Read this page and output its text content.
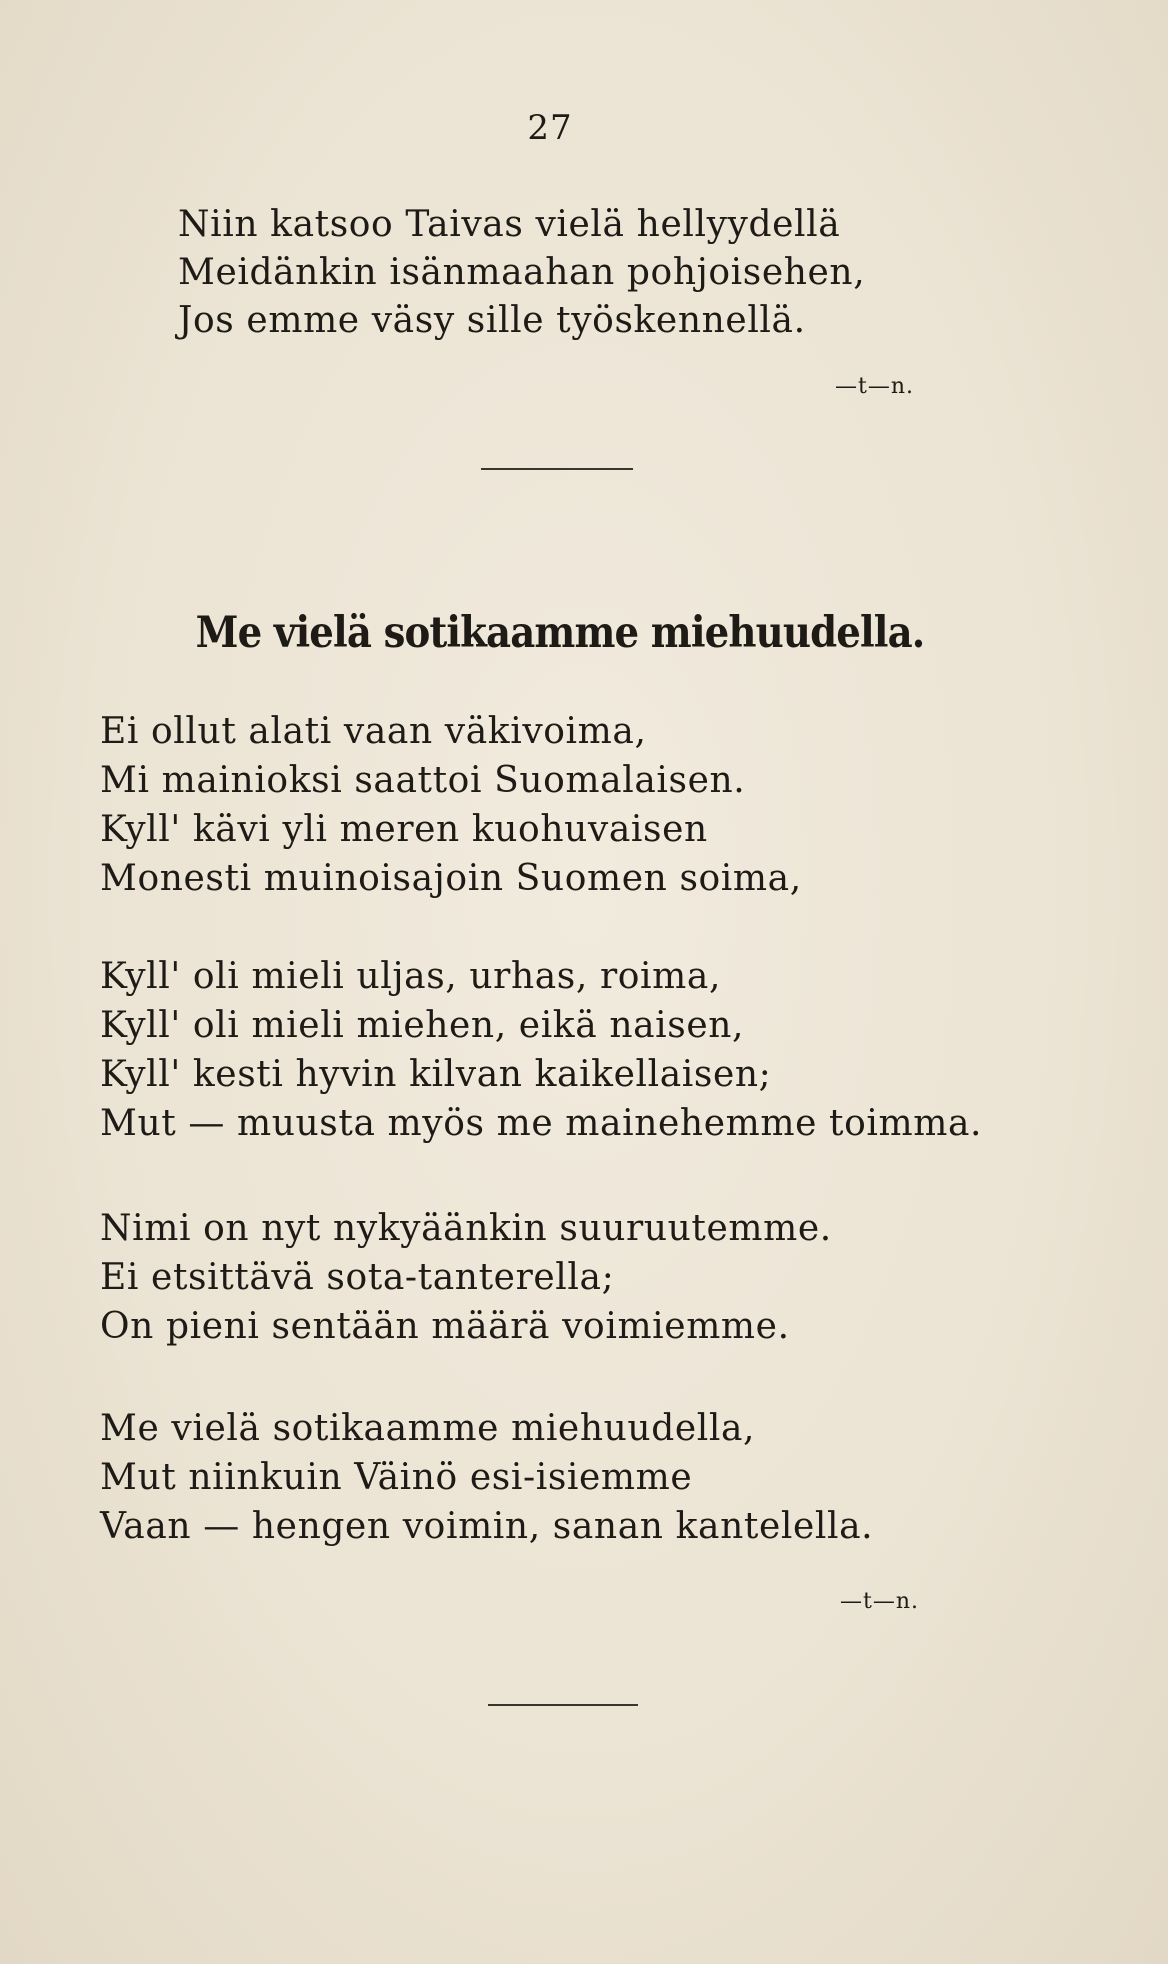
27
Niin katsoo Taivas vielä hellyydellä
Meidänkin isänmaahan pohjoisehen,
Jos emme väsy sille työskennellä.
—t—n.
Me vielä sotikaamme miehuudella.
Ei ollut alati vaan väkivoima,
Mi mainioksi saattoi Suomalaisen.
Kyll' kävi yli meren kuohuvaisen
Monesti muinoisajoin Suomen soima,
Kyll' oli mieli uljas, urhas, roima,
Kyll' oli mieli miehen, eikä naisen,
Kyll' kesti hyvin kilvan kaikellaisen;
Mut — muusta myös me mainehemme toimma.
Nimi on nyt nykyäänkin suuruutemme.
Ei etsittävä sota-tanterella;
On pieni sentään määrä voimiemme.
Me vielä sotikaamme miehuudella,
Mut niinkuin Väinö esi-isiemme
Vaan — hengen voimin, sanan kantelella.
—t—n.
